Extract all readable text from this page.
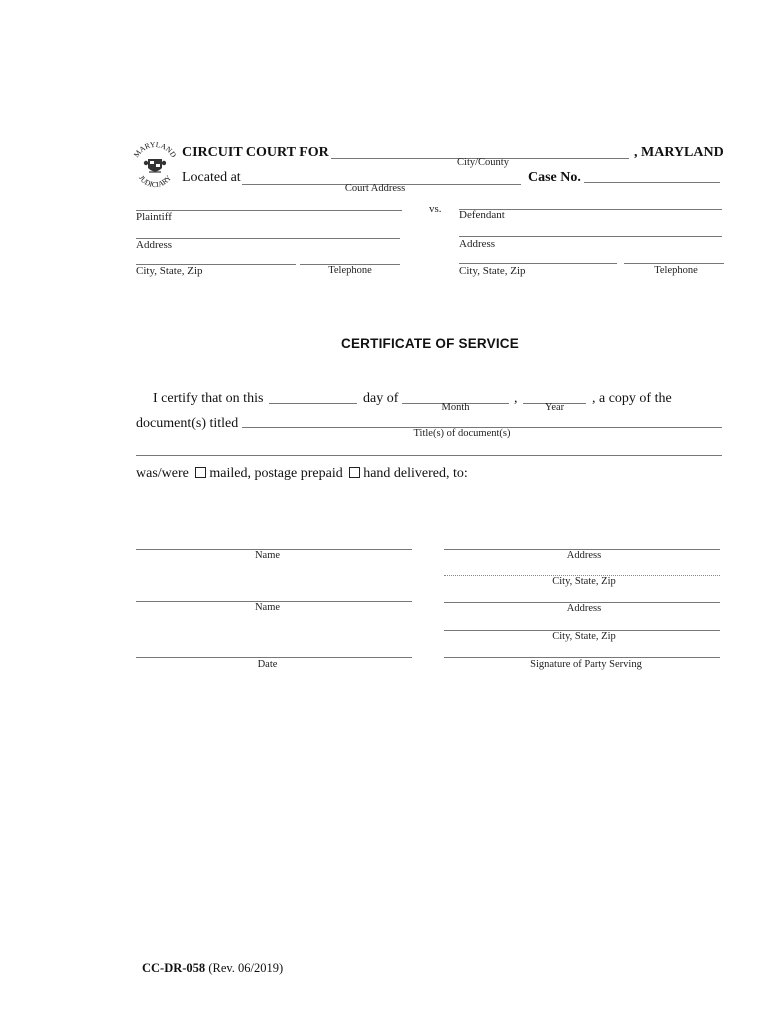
MARYLAND
JUDICIARY
CIRCUIT COURT FOR	, MARYLAND
City/County
Located at	Case No.
Court Address
vs.
Plaintiff	Defendant
Address	Address
City, State, Zip	Telephone	City, State, Zip	Telephone
CERTIFICATE OF SERVICE
I certify that on this	day of
Month
,
Year
, a copy of the
document(s) titled
Title(s) of document(s)
was/were mailed, postage prepaid hand delivered, to:
Name	Address
City, State, Zip
Name	Address
City, State, Zip
Date	Signature of Party Serving
CC-DR-058 (Rev. 06/2019)
